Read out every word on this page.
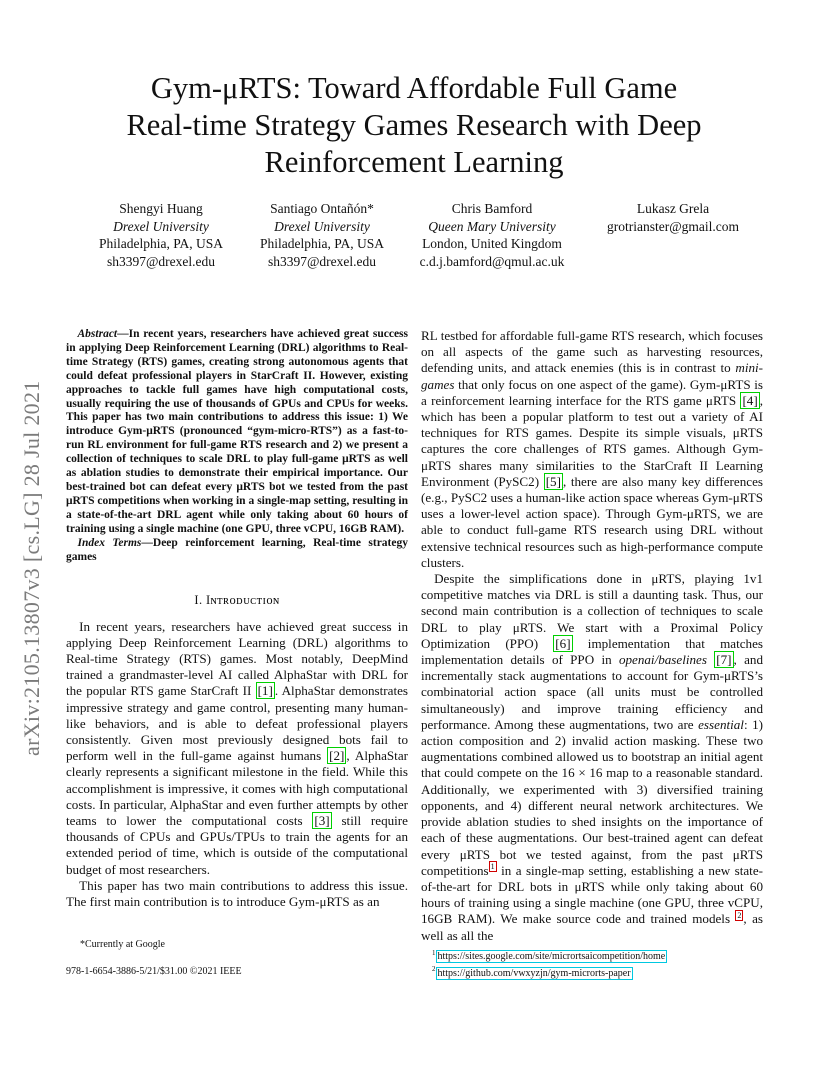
arXiv:2105.13807v3 [cs.LG] 28 Jul 2021
Gym-μRTS: Toward Affordable Full Game
Real-time Strategy Games Research with Deep
Reinforcement Learning
Shengyi Huang
Drexel University
Philadelphia, PA, USA
sh3397@drexel.edu
Santiago Ontañón*
Drexel University
Philadelphia, PA, USA
sh3397@drexel.edu
Chris Bamford
Queen Mary University
London, United Kingdom
c.d.j.bamford@qmul.ac.uk
Lukasz Grela
grotrianster@gmail.com

Abstract—In recent years, researchers have achieved great success in applying Deep Reinforcement Learning (DRL) algorithms to Real-time Strategy (RTS) games, creating strong autonomous agents that could defeat professional players in StarCraft II. However, existing approaches to tackle full games have high computational costs, usually requiring the use of thousands of GPUs and CPUs for weeks. This paper has two main contributions to address this issue: 1) We introduce Gym-μRTS (pronounced “gym-micro-RTS”) as a fast-to-run RL environment for full-game RTS research and 2) we present a collection of techniques to scale DRL to play full-game μRTS as well as ablation studies to demonstrate their empirical importance. Our best-trained bot can defeat every μRTS bot we tested from the past μRTS competitions when working in a single-map setting, resulting in a state-of-the-art DRL agent while only taking about 60 hours of training using a single machine (one GPU, three vCPU, 16GB RAM).

Index Terms—Deep reinforcement learning, Real-time strategy games

I. Iɴᴛʀᴏᴅᴜᴄᴛɪᴏɴ

In recent years, researchers have achieved great success in applying Deep Reinforcement Learning (DRL) algorithms to Real-time Strategy (RTS) games. Most notably, DeepMind trained a grandmaster-level AI called AlphaStar with DRL for the popular RTS game StarCraft II [1] . AlphaStar demonstrates impressive strategy and game control, presenting many human-like behaviors, and is able to defeat professional players consistently. Given most previously designed bots fail to perform well in the full-game against humans [2] , AlphaStar clearly represents a significant milestone in the field. While this accomplishment is impressive, it comes with high computational costs. In particular, AlphaStar and even further attempts by other teams to lower the computational costs [3] still require thousands of CPUs and GPUs/TPUs to train the agents for an extended period of time, which is outside of the computational budget of most researchers.

This paper has two main contributions to address this issue. The first main contribution is to introduce Gym-μRTS as an

RL testbed for affordable full-game RTS research, which focuses on all aspects of the game such as harvesting resources, defending units, and attack enemies (this is in contrast to mini-games that only focus on one aspect of the game). Gym-μRTS is a reinforcement learning interface for the RTS game μRTS [4] , which has been a popular platform to test out a variety of AI techniques for RTS games. Despite its simple visuals, μRTS captures the core challenges of RTS games. Although Gym-μRTS shares many similarities to the StarCraft II Learning Environment (PySC2) [5] , there are also many key differences (e.g., PySC2 uses a human-like action space whereas Gym-μRTS uses a lower-level action space). Through Gym-μRTS, we are able to conduct full-game RTS research using DRL without extensive technical resources such as high-performance compute clusters.

Despite the simplifications done in μRTS, playing 1v1 competitive matches via DRL is still a daunting task. Thus, our second main contribution is a collection of techniques to scale DRL to play μRTS. We start with a Proximal Policy Optimization (PPO) [6] implementation that matches implementation details of PPO in openai/baselines [7] , and incrementally stack augmentations to account for Gym-μRTS’s combinatorial action space (all units must be controlled simultaneously) and improve training efficiency and performance. Among these augmentations, two are essential: 1) action composition and 2) invalid action masking. These two augmentations combined allowed us to bootstrap an initial agent that could compete on the 16 × 16 map to a reasonable standard. Additionally, we experimented with 3) diversified training opponents, and 4) different neural network architectures. We provide ablation studies to shed insights on the importance of each of these augmentations. Our best-trained agent can defeat every μRTS bot we tested against, from the past μRTS competitions $^1$ in a single-map setting, establishing a new state-of-the-art for DRL bots in μRTS while only taking about 60 hours of training using a single machine (one GPU, three vCPU, 16GB RAM). We make source code and trained models $^2$ , as well as all the

*Currently at Google

978-1-6654-3886-5/21/$31.00 ©2021 IEEE

$^1$ https://sites.google.com/site/micrortsaicompetition/home
$^2$ https://github.com/vwxyzjn/gym-microrts-paper
